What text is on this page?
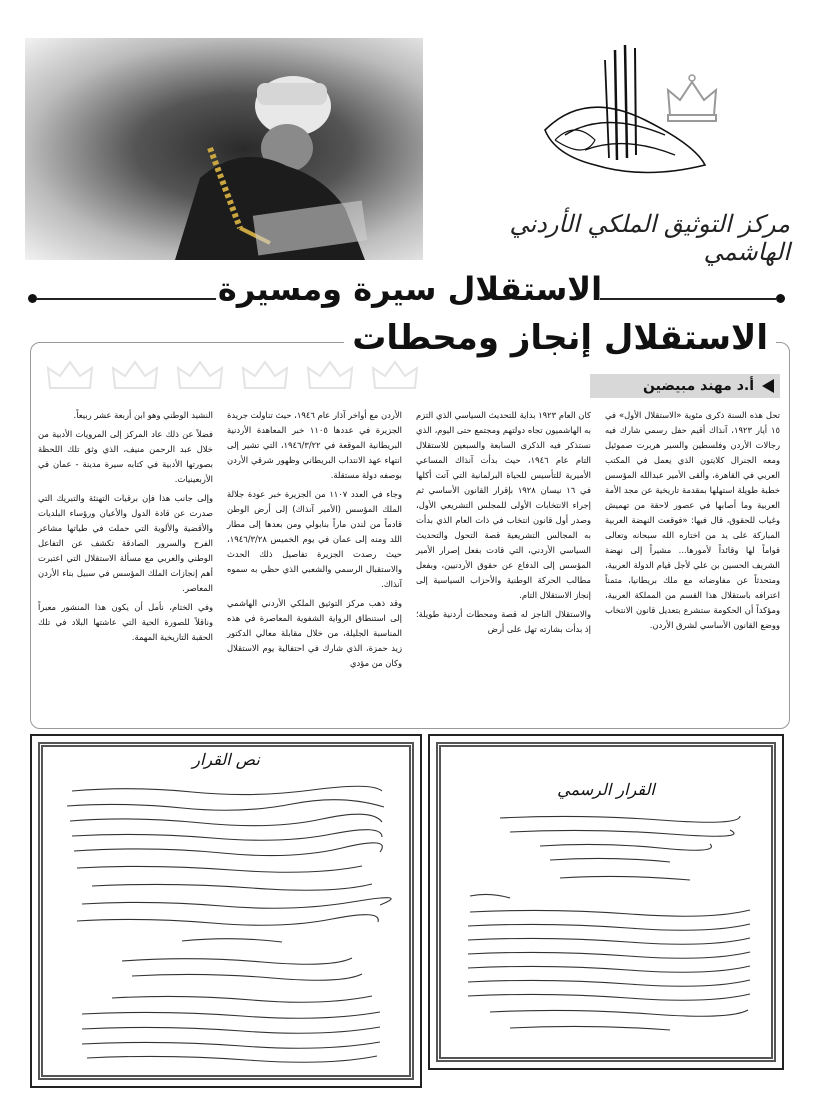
مركز التوثيق الملكي الأردني الهاشمي
الاستقلال سيرة ومسيرة
الاستقلال إنجاز ومحطات
أ.د مهند مبيضين

تحل هذه السنة ذكرى مئوية «الاستقلال الأول» في ١٥ أيار ١٩٢٣، آنذاك أقيم حفل رسمي شارك فيه رجالات الأردن وفلسطين والسير هربرت صموئيل ومعه الجنرال كلايتون الذي يعمل في المكتب العربي في القاهرة، وألقى الأمير عبدالله المؤسس خطبة طويلة استهلها بمقدمة تاريخية عن مجد الأمة العربية وما أصابها في عصور لاحقة من تهميش وغياب للحقوق، قال فيها: «فوقعت النهضة العربية المباركة على يد من اختاره الله سبحانه وتعالى قواماً لها وقائداً لأمورها... مشيراً إلى نهضة الشريف الحسين بن علي لأجل قيام الدولة العربية، ومتحدثاً عن مفاوضاته مع ملك بريطانيا، متمناً اعترافه باستقلال هذا القسم من المملكة العربية، ومؤكداً أن الحكومة ستشرع بتعديل قانون الانتخاب ووضع القانون الأساسي لشرق الأردن.

كان العام ١٩٢٣ بداية للتحديث السياسي الذي التزم به الهاشميون تجاه دولتهم ومجتمع حتى اليوم، الذي نستذكر فيه الذكرى السابعة والسبعين للاستقلال التام عام ١٩٤٦، حيث بدأت آنذاك المساعي الأميرية للتأسيس للحياة البرلمانية التي آتت أكلها في ١٦ نيسان ١٩٢٨ بإقرار القانون الأساسي ثم إجراء الانتخابات الأولى للمجلس التشريعي الأول، وصدر أول قانون انتخاب في ذات العام الذي بدأت به المجالس التشريعية قصة التحول والتحديث السياسي الأردني، التي قادت بفعل إصرار الأمير المؤسس إلى الدفاع عن حقوق الأردنيين، وبفعل مطالب الحركة الوطنية والأحزاب السياسية إلى إنجاز الاستقلال التام.

والاستقلال الناجز له قصة ومحطات أردنية طويلة؛ إذ بدأت بشارته تهل على أرض

الأردن مع أواخر آذار عام ١٩٤٦، حيث تناولت جريدة الجزيرة في عددها ١١٠٥ خبر المعاهدة الأردنية البريطانية الموقعة في ١٩٤٦/٣/٢٢، التي تشير إلى انتهاء عهد الانتداب البريطاني وظهور شرقي الأردن بوصفه دولة مستقلة.

وجاء في العدد ١١٠٧ من الجزيرة خبر عودة جلالة الملك المؤسس (الأمير آنذاك) إلى أرض الوطن قادماً من لندن ماراً بنابولي ومن بعدها إلى مطار اللد ومنه إلى عمان في يوم الخميس ١٩٤٦/٣/٢٨، حيث رصدت الجزيرة تفاصيل ذلك الحدث والاستقبال الرسمي والشعبي الذي حظي به سموه آنذاك.

وقد ذهب مركز التوثيق الملكي الأردني الهاشمي إلى استنطاق الرواية الشفوية المعاصرة في هذه المناسبة الجليلة، من خلال مقابلة معالي الدكتور زيد حمزة، الذي شارك في احتفالية يوم الاستقلال وكان من مؤدي

النشيد الوطني وهو ابن أربعة عشر ربيعاً.

فضلاً عن ذلك عاد المركز إلى المرويات الأدبية من خلال عبد الرحمن منيف، الذي وثق تلك اللحظة بصورتها الأدبية في كتابه سيرة مدينة - عمان في الأربعينيات.

وإلى جانب هذا فإن برقيات التهنئة والتبريك التي صدرت عن قادة الدول والأعيان ورؤساء البلديات والأقضية والألوية التي حملت في طياتها مشاعر الفرح والسرور الصادقة تكشف عن التفاعل الوطني والعربي مع مسألة الاستقلال التي اعتبرت أهم إنجازات الملك المؤسس في سبيل بناء الأردن المعاصر.

وفي الختام، نأمل أن يكون هذا المنشور معبراً وناقلاً للصورة الحية التي عاشتها البلاد في تلك الحقبة التاريخية المهمة.

نص القرار
القرار الرسمي
